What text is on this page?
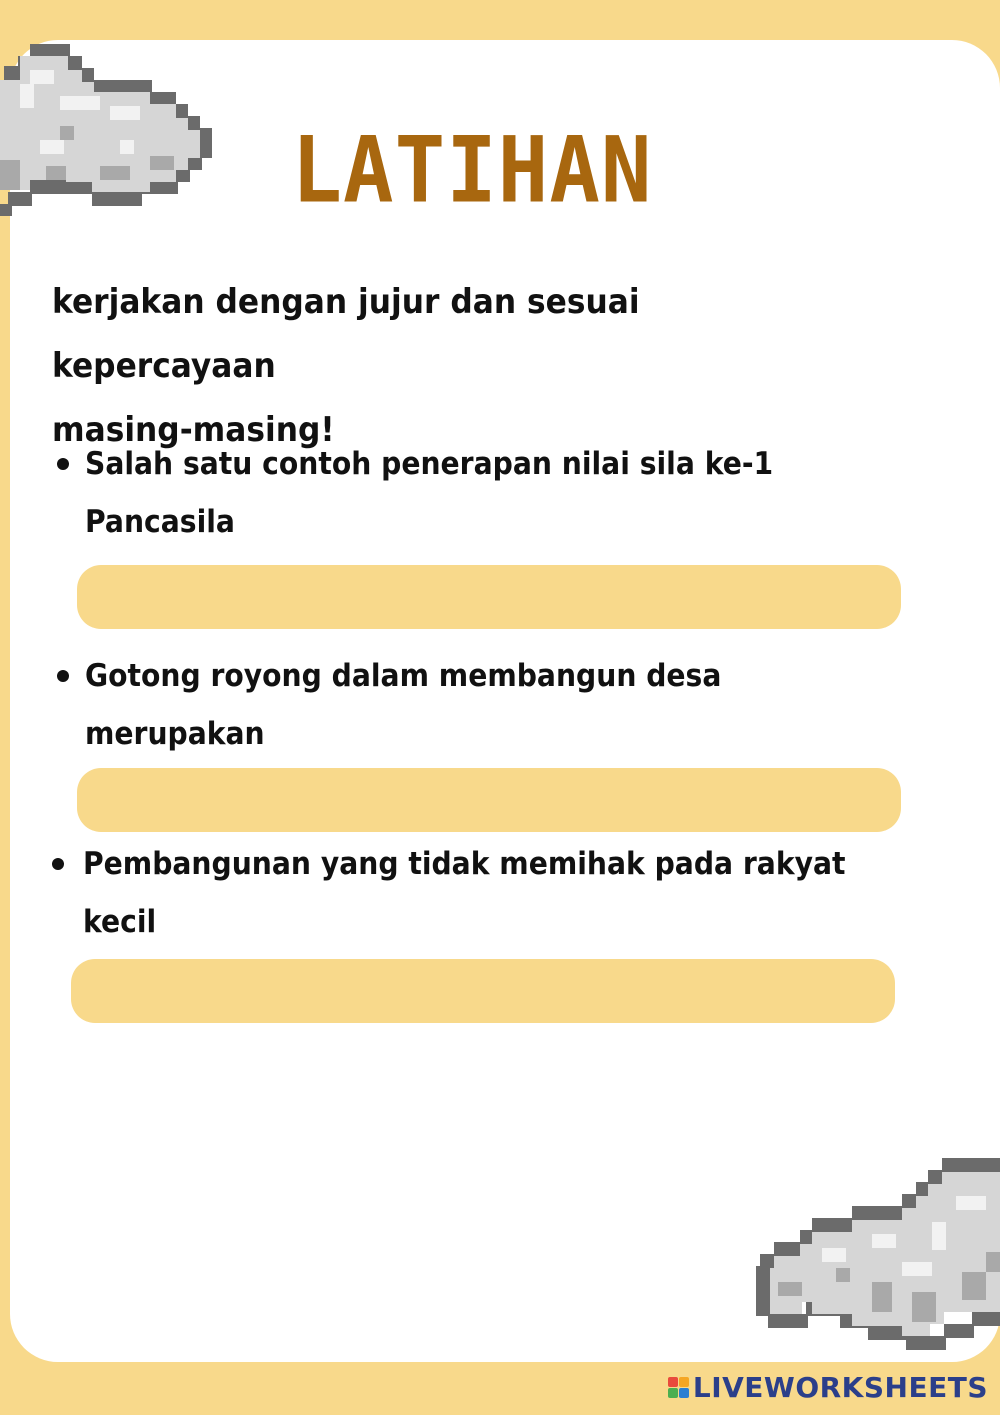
LATIHAN
kerjakan dengan jujur dan sesuai kepercayaan
masing-masing!
Salah satu contoh penerapan nilai sila ke-1 Pancasila
Gotong royong dalam membangun desa merupakan
Pembangunan yang tidak memihak pada rakyat kecil
LIVEWORKSHEETS
